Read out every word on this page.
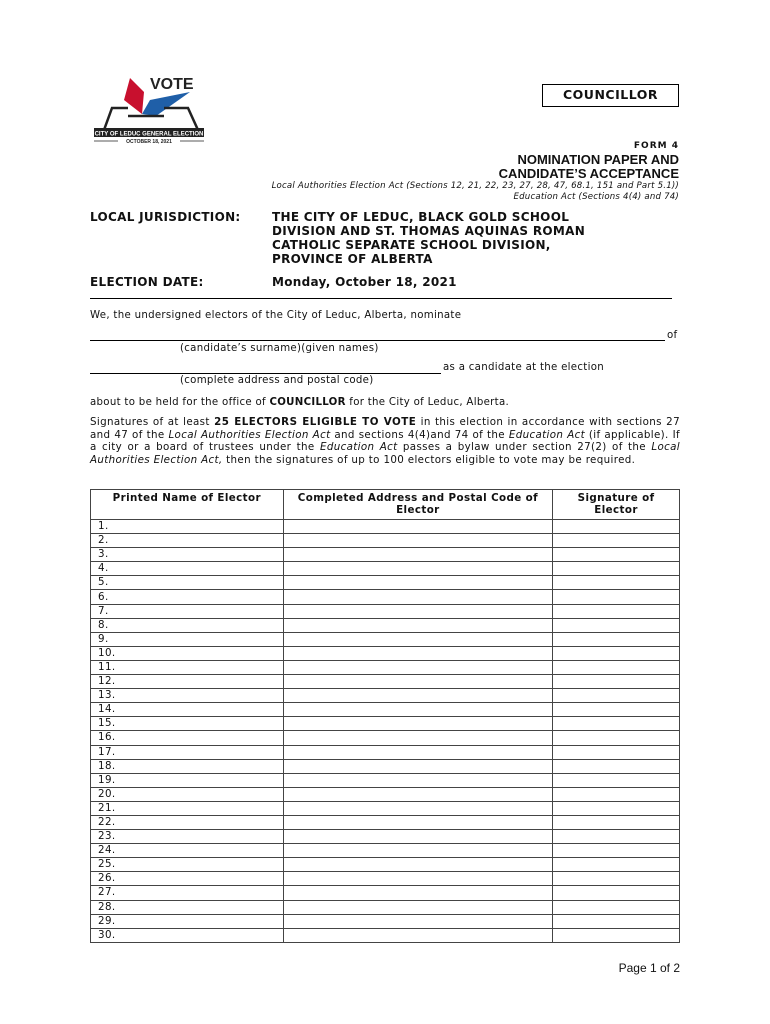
CITY OF LEDUC GENERAL ELECTION
OCTOBER 18, 2021
VOTE
COUNCILLOR
FORM 4
NOMINATION PAPER AND
CANDIDATE’S ACCEPTANCE
Local Authorities Election Act (Sections 12, 21, 22, 23, 27, 28, 47, 68.1, 151 and Part 5.1))
Education Act (Sections 4(4) and 74)
LOCAL JURISDICTION:	THE CITY OF LEDUC, BLACK GOLD SCHOOL
DIVISION AND ST. THOMAS AQUINAS ROMAN
CATHOLIC SEPARATE SCHOOL DIVISION,
PROVINCE OF ALBERTA
ELECTION DATE:	Monday, October 18, 2021
We, the undersigned electors of the City of Leduc, Alberta, nominate
of
(candidate’s surname)(given names)
as a candidate at the election
(complete address and postal code)
about to be held for the office of COUNCILLOR for the City of Leduc, Alberta.
Signatures of at least 25 ELECTORS ELIGIBLE TO VOTE in this election in accordance with sections 27 and 47 of the Local Authorities Election Act and sections 4(4)and 74 of the Education Act (if applicable). If a city or a board of trustees under the Education Act passes a bylaw under section 27(2) of the Local Authorities Election Act, then the signatures of up to 100 electors eligible to vote may be required.
Printed Name of Elector	Completed Address and Postal Code of Elector	Signature of Elector
1.		
2.		
3.		
4.		
5.		
6.		
7.		
8.		
9.		
10.		
11.		
12.		
13.		
14.		
15.		
16.		
17.		
18.		
19.		
20.		
21.		
22.		
23.		
24.		
25.		
26.		
27.		
28.		
29.		
30.		
Page 1 of 2
